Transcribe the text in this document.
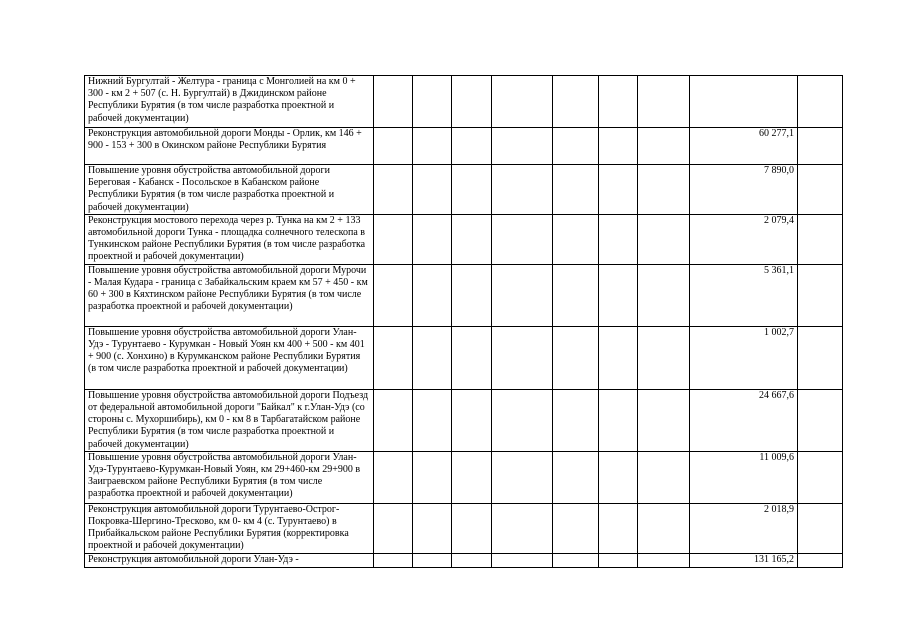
Нижний Бургултай - Желтура - граница с Монголией на км 0 + 300 - км 2 + 507 (с. Н. Бургултай) в Джидинском районе Республики Бурятия (в том числе разработка проектной и рабочей документации)									
Реконструкция автомобильной дороги Монды - Орлик, км 146 + 900 - 153 + 300 в Окинском районе Республики Бурятия								60 277,1	
Повышение уровня обустройства автомобильной дороги Береговая - Кабанск - Посольское в Кабанском районе Республики Бурятия (в том числе разработка проектной и рабочей документации)								7 890,0	
Реконструкция мостового перехода через р. Тунка на км 2 + 133 автомобильной дороги Тунка - площадка солнечного телескопа в Тункинском районе Республики Бурятия (в том числе разработка проектной и рабочей документации)								2 079,4	
Повышение уровня обустройства автомобильной дороги Мурочи - Малая Кудара - граница с Забайкальским краем км 57 + 450 - км 60 + 300 в Кяхтинском районе Республики Бурятия (в том числе разработка проектной и рабочей документации)								5 361,1	
Повышение уровня обустройства автомобильной дороги Улан-Удэ - Турунтаево - Курумкан - Новый Уоян км 400 + 500 - км 401 + 900 (с. Хонхино) в Курумканском районе Республики Бурятия (в том числе разработка проектной и рабочей документации)								1 002,7	
Повышение уровня обустройства автомобильной дороги Подъезд от федеральной автомобильной дороги "Байкал" к г.Улан-Удэ (со стороны с. Мухоршибирь), км 0 - км 8 в Тарбагатайском районе Республики Бурятия (в том числе разработка проектной и рабочей документации)								24 667,6	
Повышение уровня обустройства автомобильной дороги Улан-Удэ-Турунтаево-Курумкан-Новый Уоян, км 29+460-км 29+900 в Заиграевском районе Республики Бурятия (в том числе разработка проектной и рабочей документации)								11 009,6	
Реконструкция автомобильной дороги Турунтаево-Острог-Покровка-Шергино-Тресково, км 0- км 4 (с. Турунтаево) в Прибайкальском районе Республики Бурятия (корректировка проектной и рабочей документации)								2 018,9	
Реконструкция автомобильной дороги Улан-Удэ -								131 165,2	
